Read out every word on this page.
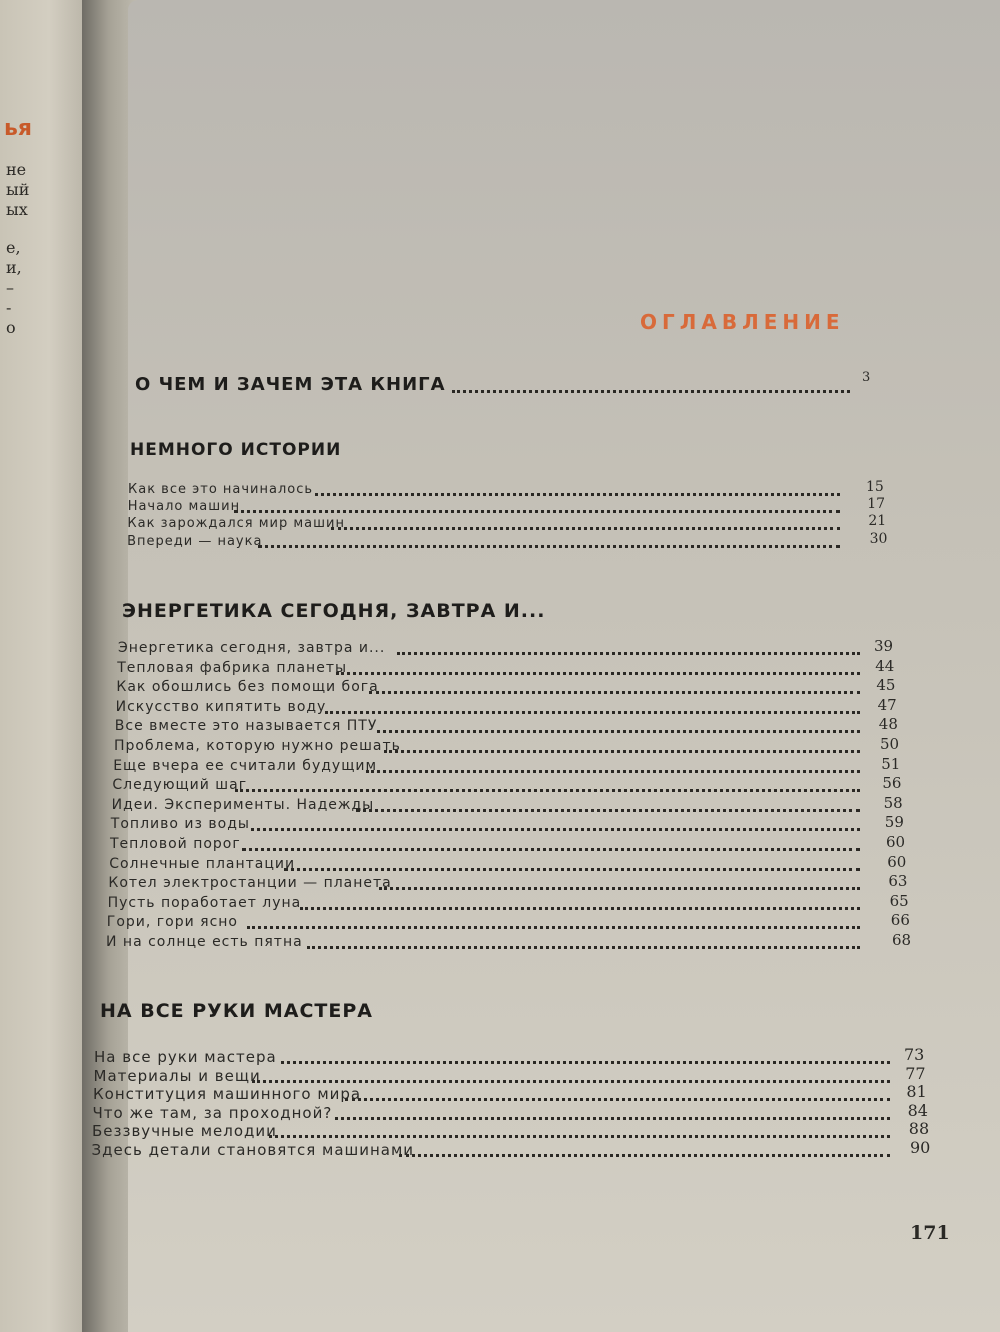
ья
не
ый
ых
е,
и,
–
-
о	ОГЛАВЛЕНИЕ
О ЧЕМ И ЗАЧЕМ ЭТА КНИГА	3
НЕМНОГО ИСТОРИИ
Как все это начиналось	15
Начало машин	17
Как зарождался мир машин	21
Впереди — наука	30
ЭНЕРГЕТИКА СЕГОДНЯ, ЗАВТРА И...
Энергетика сегодня, завтра и...	39
Тепловая фабрика планеты	44
Как обошлись без помощи бога	45
Искусство кипятить воду	47
Все вместе это называется ПТУ	48
Проблема, которую нужно решать	50
Еще вчера ее считали будущим	51
Следующий шаг	56
Идеи. Эксперименты. Надежды	58
Топливо из воды	59
Тепловой порог	60
Солнечные плантации	60
Котел электростанции — планета	63
Пусть поработает луна	65
Гори, гори ясно	66
И на солнце есть пятна	68
НА ВСЕ РУКИ МАСТЕРА
На все руки мастера	73
Материалы и вещи	77
Конституция машинного мира	81
Что же там, за проходной?	84
Беззвучные мелодии	88
Здесь детали становятся машинами	90
171
